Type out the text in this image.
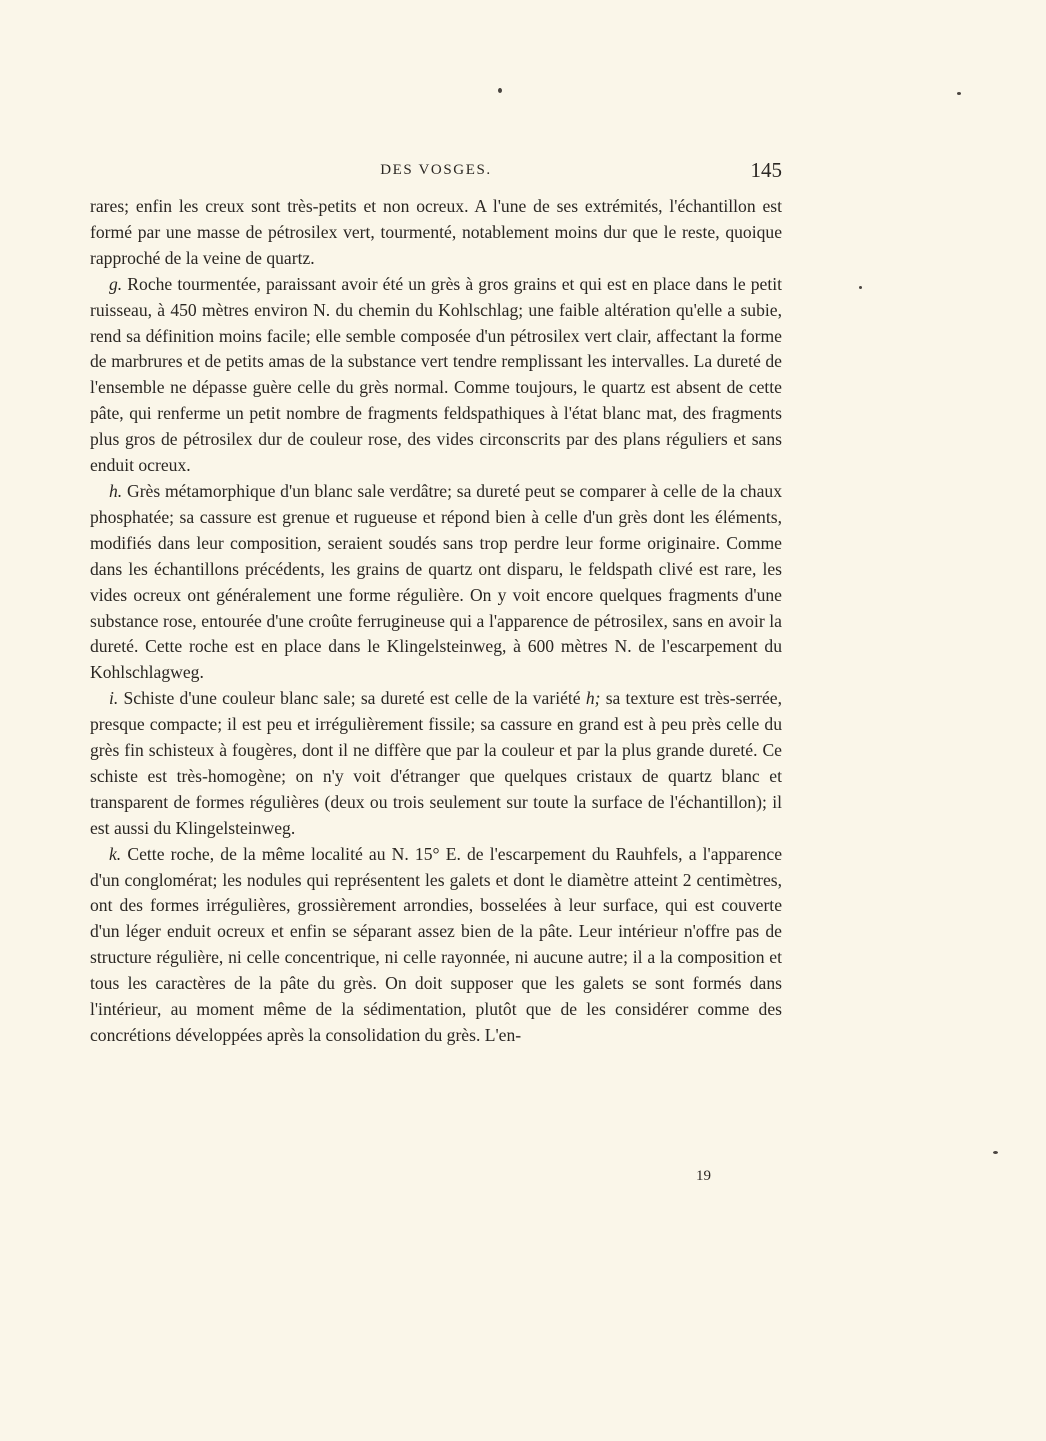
DES VOSGES.	145

rares; enfin les creux sont très-petits et non ocreux. A l'une de ses extrémités, l'échantillon est formé par une masse de pétrosilex vert, tourmenté, notablement moins dur que le reste, quoique rapproché de la veine de quartz.

g. Roche tourmentée, paraissant avoir été un grès à gros grains et qui est en place dans le petit ruisseau, à 450 mètres environ N. du chemin du Kohlschlag; une faible altération qu'elle a subie, rend sa définition moins facile; elle semble composée d'un pétrosilex vert clair, affectant la forme de marbrures et de petits amas de la substance vert tendre remplissant les intervalles. La dureté de l'ensemble ne dépasse guère celle du grès normal. Comme toujours, le quartz est absent de cette pâte, qui renferme un petit nombre de fragments feldspathiques à l'état blanc mat, des fragments plus gros de pétrosilex dur de couleur rose, des vides circonscrits par des plans réguliers et sans enduit ocreux.

h. Grès métamorphique d'un blanc sale verdâtre; sa dureté peut se comparer à celle de la chaux phosphatée; sa cassure est grenue et rugueuse et répond bien à celle d'un grès dont les éléments, modifiés dans leur composition, seraient soudés sans trop perdre leur forme originaire. Comme dans les échantillons précédents, les grains de quartz ont disparu, le feldspath clivé est rare, les vides ocreux ont généralement une forme régulière. On y voit encore quelques fragments d'une substance rose, entourée d'une croûte ferrugineuse qui a l'apparence de pétrosilex, sans en avoir la dureté. Cette roche est en place dans le Klingelsteinweg, à 600 mètres N. de l'escarpement du Kohlschlagweg.

i. Schiste d'une couleur blanc sale; sa dureté est celle de la variété h; sa texture est très-serrée, presque compacte; il est peu et irrégulièrement fissile; sa cassure en grand est à peu près celle du grès fin schisteux à fougères, dont il ne diffère que par la couleur et par la plus grande dureté. Ce schiste est très-homogène; on n'y voit d'étranger que quelques cristaux de quartz blanc et transparent de formes régulières (deux ou trois seulement sur toute la surface de l'échantillon); il est aussi du Klingelsteinweg.

k. Cette roche, de la même localité au N. 15° E. de l'escarpement du Rauhfels, a l'apparence d'un conglomérat; les nodules qui représentent les galets et dont le diamètre atteint 2 centimètres, ont des formes irrégulières, grossièrement arrondies, bosselées à leur surface, qui est couverte d'un léger enduit ocreux et enfin se séparant assez bien de la pâte. Leur intérieur n'offre pas de structure régulière, ni celle concentrique, ni celle rayonnée, ni aucune autre; il a la composition et tous les caractères de la pâte du grès. On doit supposer que les galets se sont formés dans l'intérieur, au moment même de la sédimentation, plutôt que de les considérer comme des concrétions développées après la consolidation du grès. L'en-

19
